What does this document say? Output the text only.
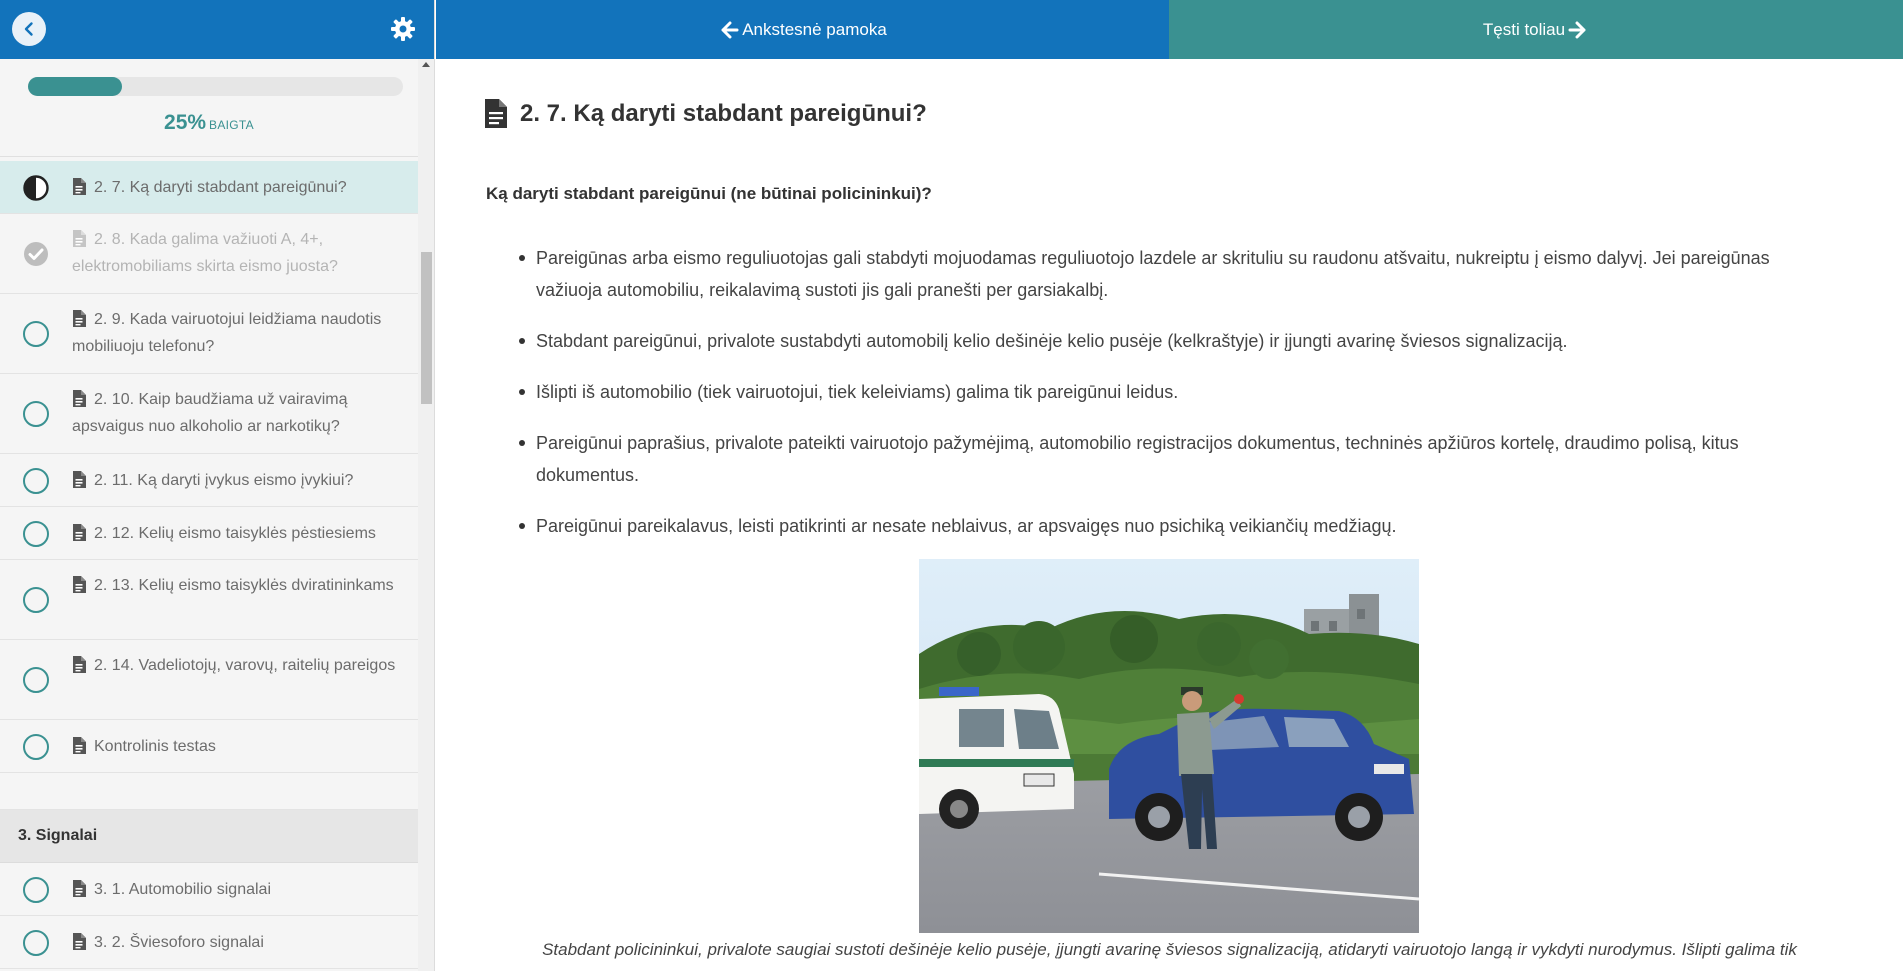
25% BAIGTA
2. 7. Ką daryti stabdant pareigūnui?
2. 8. Kada galima važiuoti A, 4+, elektromobiliams skirta eismo juosta?
2. 9. Kada vairuotojui leidžiama naudotis mobiliuoju telefonu?
2. 10. Kaip baudžiama už vairavimą apsvaigus nuo alkoholio ar narkotikų?
2. 11. Ką daryti įvykus eismo įvykiui?
2. 12. Kelių eismo taisyklės pėstiesiems
2. 13. Kelių eismo taisyklės dviratininkams
2. 14. Vadeliotojų, varovų, raitelių pareigos
Kontrolinis testas
3. Signalai
3. 1. Automobilio signalai
3. 2. Šviesoforo signalai
Ankstesnė pamoka	Tęsti toliau
2. 7. Ką daryti stabdant pareigūnui?
Ką daryti stabdant pareigūnui (ne būtinai policininkui)?
Pareigūnas arba eismo reguliuotojas gali stabdyti mojuodamas reguliuotojo lazdele ar skrituliu su raudonu atšvaitu, nukreiptu į eismo dalyvį. Jei pareigūnas važiuoja automobiliu, reikalavimą sustoti jis gali pranešti per garsiakalbį.
Stabdant pareigūnui, privalote sustabdyti automobilį kelio dešinėje kelio pusėje (kelkraštyje) ir įjungti avarinę šviesos signalizaciją.
Išlipti iš automobilio (tiek vairuotojui, tiek keleiviams) galima tik pareigūnui leidus.
Pareigūnui paprašius, privalote pateikti vairuotojo pažymėjimą, automobilio registracijos dokumentus, techninės apžiūros kortelę, draudimo polisą, kitus dokumentus.
Pareigūnui pareikalavus, leisti patikrinti ar nesate neblaivus, ar apsvaigęs nuo psichiką veikiančių medžiagų.
Stabdant policininkui, privalote saugiai sustoti dešinėje kelio pusėje, įjungti avarinę šviesos signalizaciją, atidaryti vairuotojo langą ir vykdyti nurodymus. Išlipti galima tik
